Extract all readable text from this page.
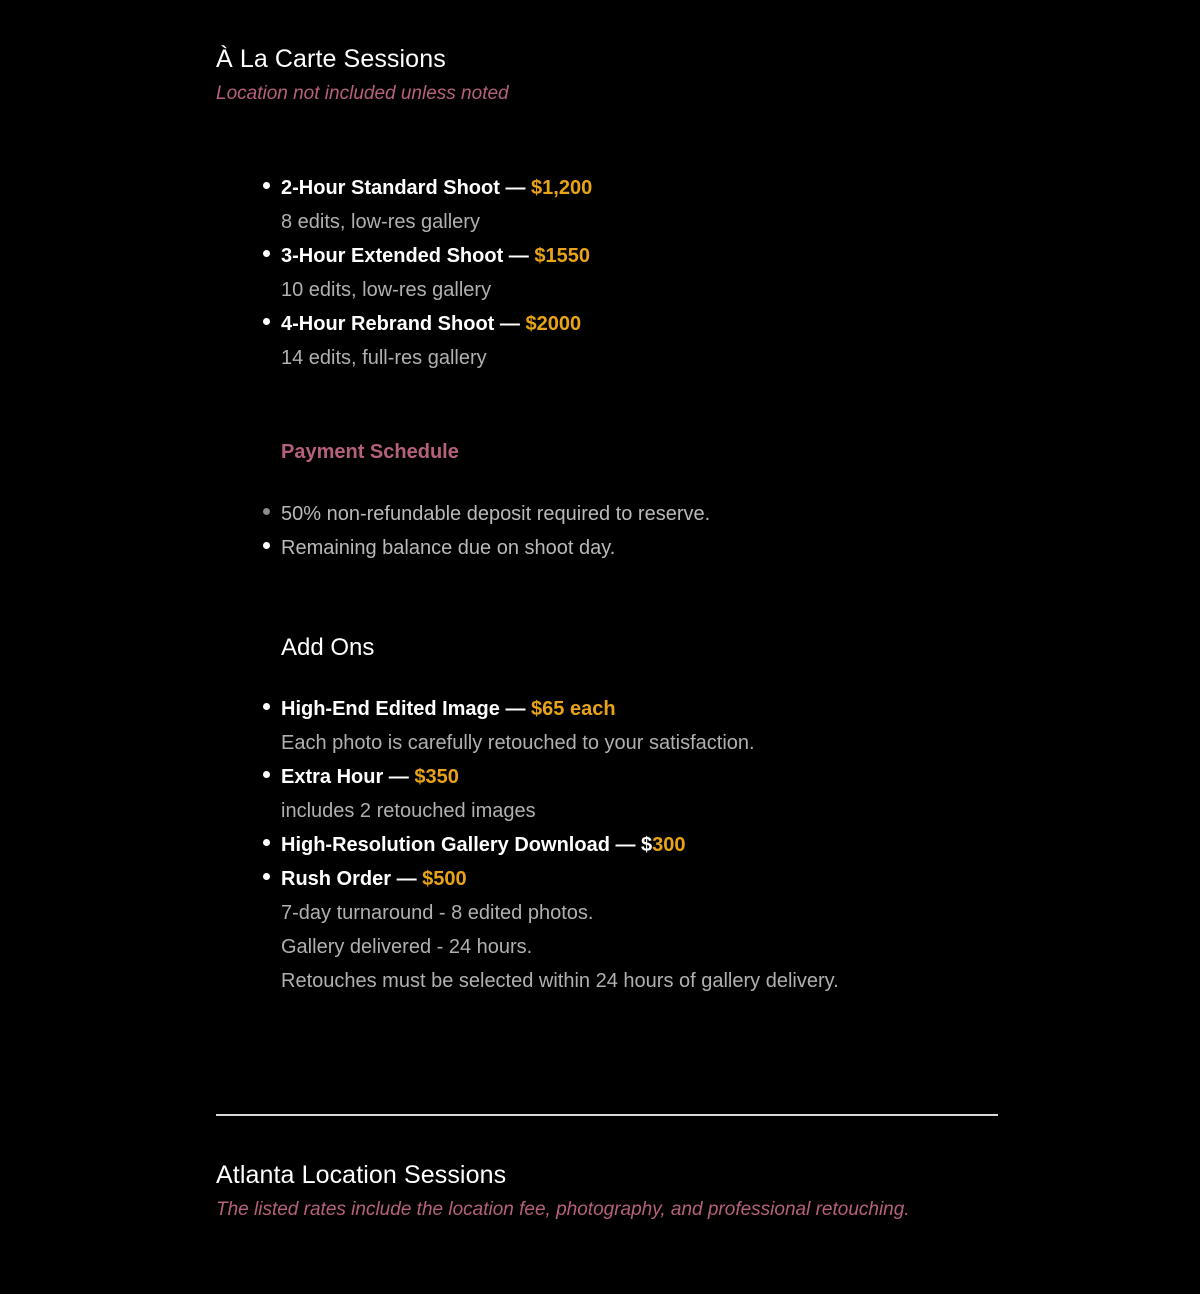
À La Carte Sessions
Location not included unless noted
2-Hour Standard Shoot — $1,200
8 edits, low-res gallery
3-Hour Extended Shoot — $1550
10 edits, low-res gallery
4-Hour Rebrand Shoot — $2000
14 edits, full-res gallery
Payment Schedule
50% non-refundable deposit required to reserve.
Remaining balance due on shoot day.
Add Ons
High-End Edited Image — $65 each
Each photo is carefully retouched to your satisfaction.
Extra Hour — $350
includes 2 retouched images
High-Resolution Gallery Download — $300
Rush Order — $500
7-day turnaround - 8 edited photos.
Gallery delivered - 24 hours.
Retouches must be selected within 24 hours of gallery delivery.
Atlanta Location Sessions
The listed rates include the location fee, photography, and professional retouching.
